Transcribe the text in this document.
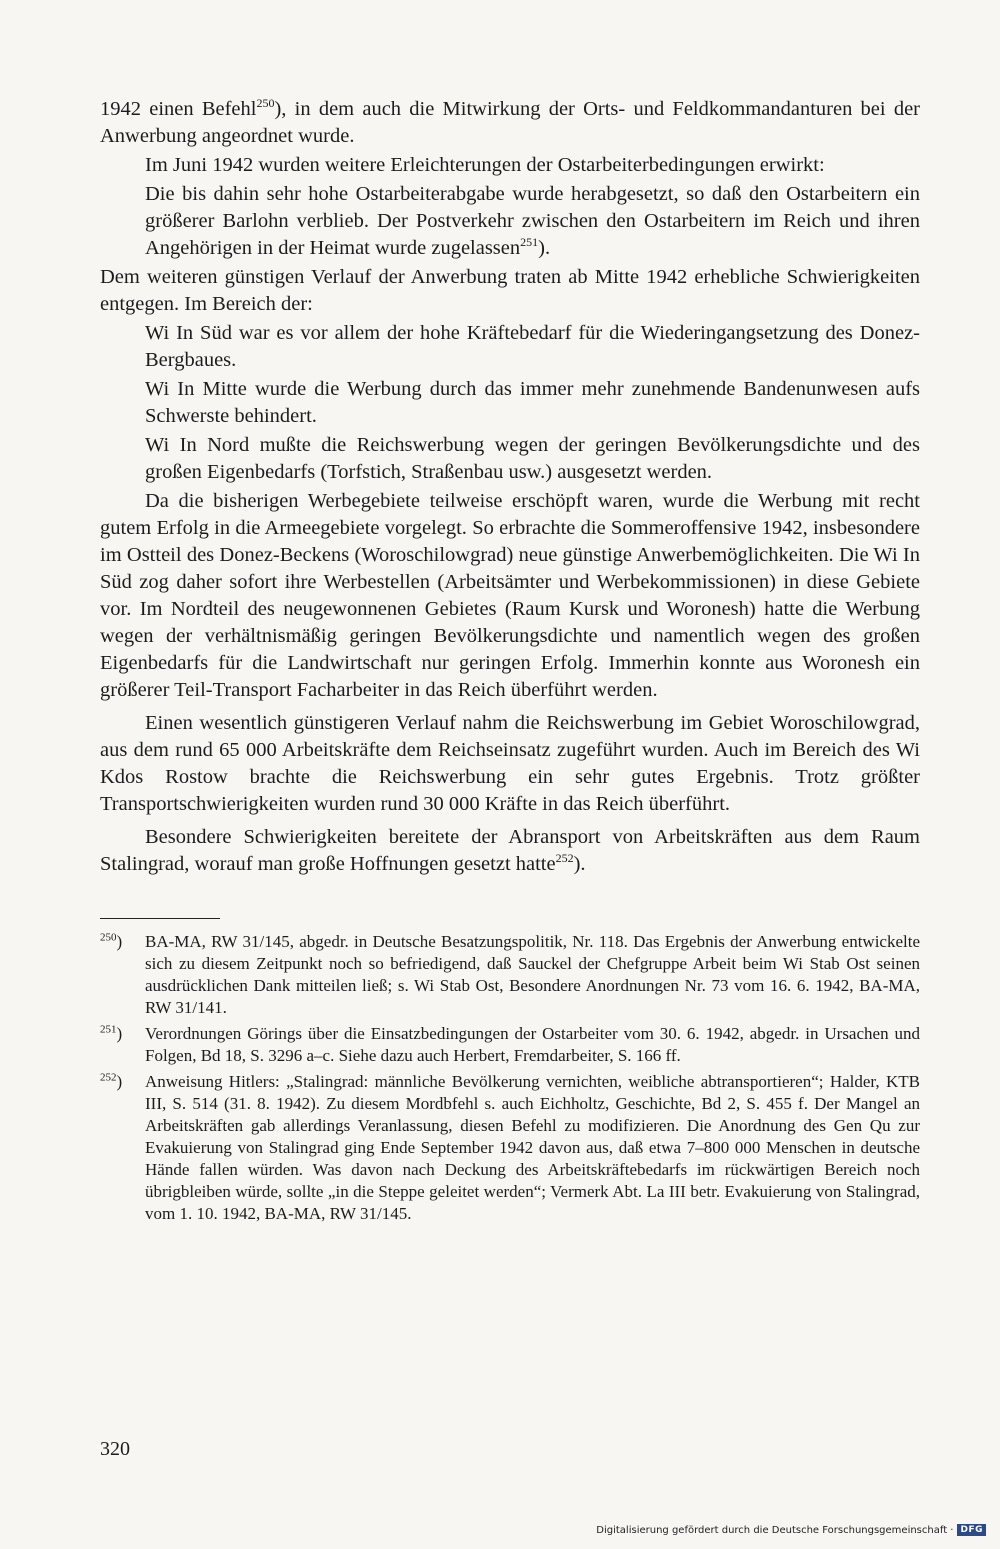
1942 einen Befehl$^{250}$), in dem auch die Mitwirkung der Orts- und Feldkommandanturen bei der Anwerbung angeordnet wurde.

Im Juni 1942 wurden weitere Erleichterungen der Ostarbeiterbedingungen erwirkt:

Die bis dahin sehr hohe Ostarbeiterabgabe wurde herabgesetzt, so daß den Ostarbeitern ein größerer Barlohn verblieb. Der Postverkehr zwischen den Ostarbeitern im Reich und ihren Angehörigen in der Heimat wurde zugelassen$^{251}$).

Dem weiteren günstigen Verlauf der Anwerbung traten ab Mitte 1942 erhebliche Schwierigkeiten entgegen. Im Bereich der:

Wi In Süd war es vor allem der hohe Kräftebedarf für die Wiederingangsetzung des Donez-Bergbaues.

Wi In Mitte wurde die Werbung durch das immer mehr zunehmende Bandenunwesen aufs Schwerste behindert.

Wi In Nord mußte die Reichswerbung wegen der geringen Bevölkerungsdichte und des großen Eigenbedarfs (Torfstich, Straßenbau usw.) ausgesetzt werden.

Da die bisherigen Werbegebiete teilweise erschöpft waren, wurde die Werbung mit recht gutem Erfolg in die Armeegebiete vorgelegt. So erbrachte die Sommeroffensive 1942, insbesondere im Ostteil des Donez-Beckens (Woroschilowgrad) neue günstige Anwerbemöglichkeiten. Die Wi In Süd zog daher sofort ihre Werbestellen (Arbeitsämter und Werbekommissionen) in diese Gebiete vor. Im Nordteil des neugewonnenen Gebietes (Raum Kursk und Woronesh) hatte die Werbung wegen der verhältnismäßig geringen Bevölkerungsdichte und namentlich wegen des großen Eigenbedarfs für die Landwirtschaft nur geringen Erfolg. Immerhin konnte aus Woronesh ein größerer Teil-Transport Facharbeiter in das Reich überführt werden.

Einen wesentlich günstigeren Verlauf nahm die Reichswerbung im Gebiet Woroschilowgrad, aus dem rund 65 000 Arbeitskräfte dem Reichseinsatz zugeführt wurden. Auch im Bereich des Wi Kdos Rostow brachte die Reichswerbung ein sehr gutes Ergebnis. Trotz größter Transportschwierigkeiten wurden rund 30 000 Kräfte in das Reich überführt.

Besondere Schwierigkeiten bereitete der Abransport von Arbeitskräften aus dem Raum Stalingrad, worauf man große Hoffnungen gesetzt hatte$^{252}$).

$^{250}$)	BA-MA, RW 31/145, abgedr. in Deutsche Besatzungspolitik, Nr. 118. Das Ergebnis der Anwerbung entwickelte sich zu diesem Zeitpunkt noch so befriedigend, daß Sauckel der Chefgruppe Arbeit beim Wi Stab Ost seinen ausdrücklichen Dank mitteilen ließ; s. Wi Stab Ost, Besondere Anordnungen Nr. 73 vom 16. 6. 1942, BA-MA, RW 31/141.
$^{251}$)	Verordnungen Görings über die Einsatzbedingungen der Ostarbeiter vom 30. 6. 1942, abgedr. in Ursachen und Folgen, Bd 18, S. 3296 a–c. Siehe dazu auch Herbert, Fremdarbeiter, S. 166 ff.
$^{252}$)	Anweisung Hitlers: „Stalingrad: männliche Bevölkerung vernichten, weibliche abtransportieren“; Halder, KTB III, S. 514 (31. 8. 1942). Zu diesem Mordbfehl s. auch Eichholtz, Geschichte, Bd 2, S. 455 f. Der Mangel an Arbeitskräften gab allerdings Veranlassung, diesen Befehl zu modifizieren. Die Anordnung des Gen Qu zur Evakuierung von Stalingrad ging Ende September 1942 davon aus, daß etwa 7–800 000 Menschen in deutsche Hände fallen würden. Was davon nach Deckung des Arbeitskräftebedarfs im rückwärtigen Bereich noch übrigbleiben würde, sollte „in die Steppe geleitet werden“; Vermerk Abt. La III betr. Evakuierung von Stalingrad, vom 1. 10. 1942, BA-MA, RW 31/145.
320
Digitalisierung gefördert durch die Deutsche Forschungsgemeinschaft · DFG
